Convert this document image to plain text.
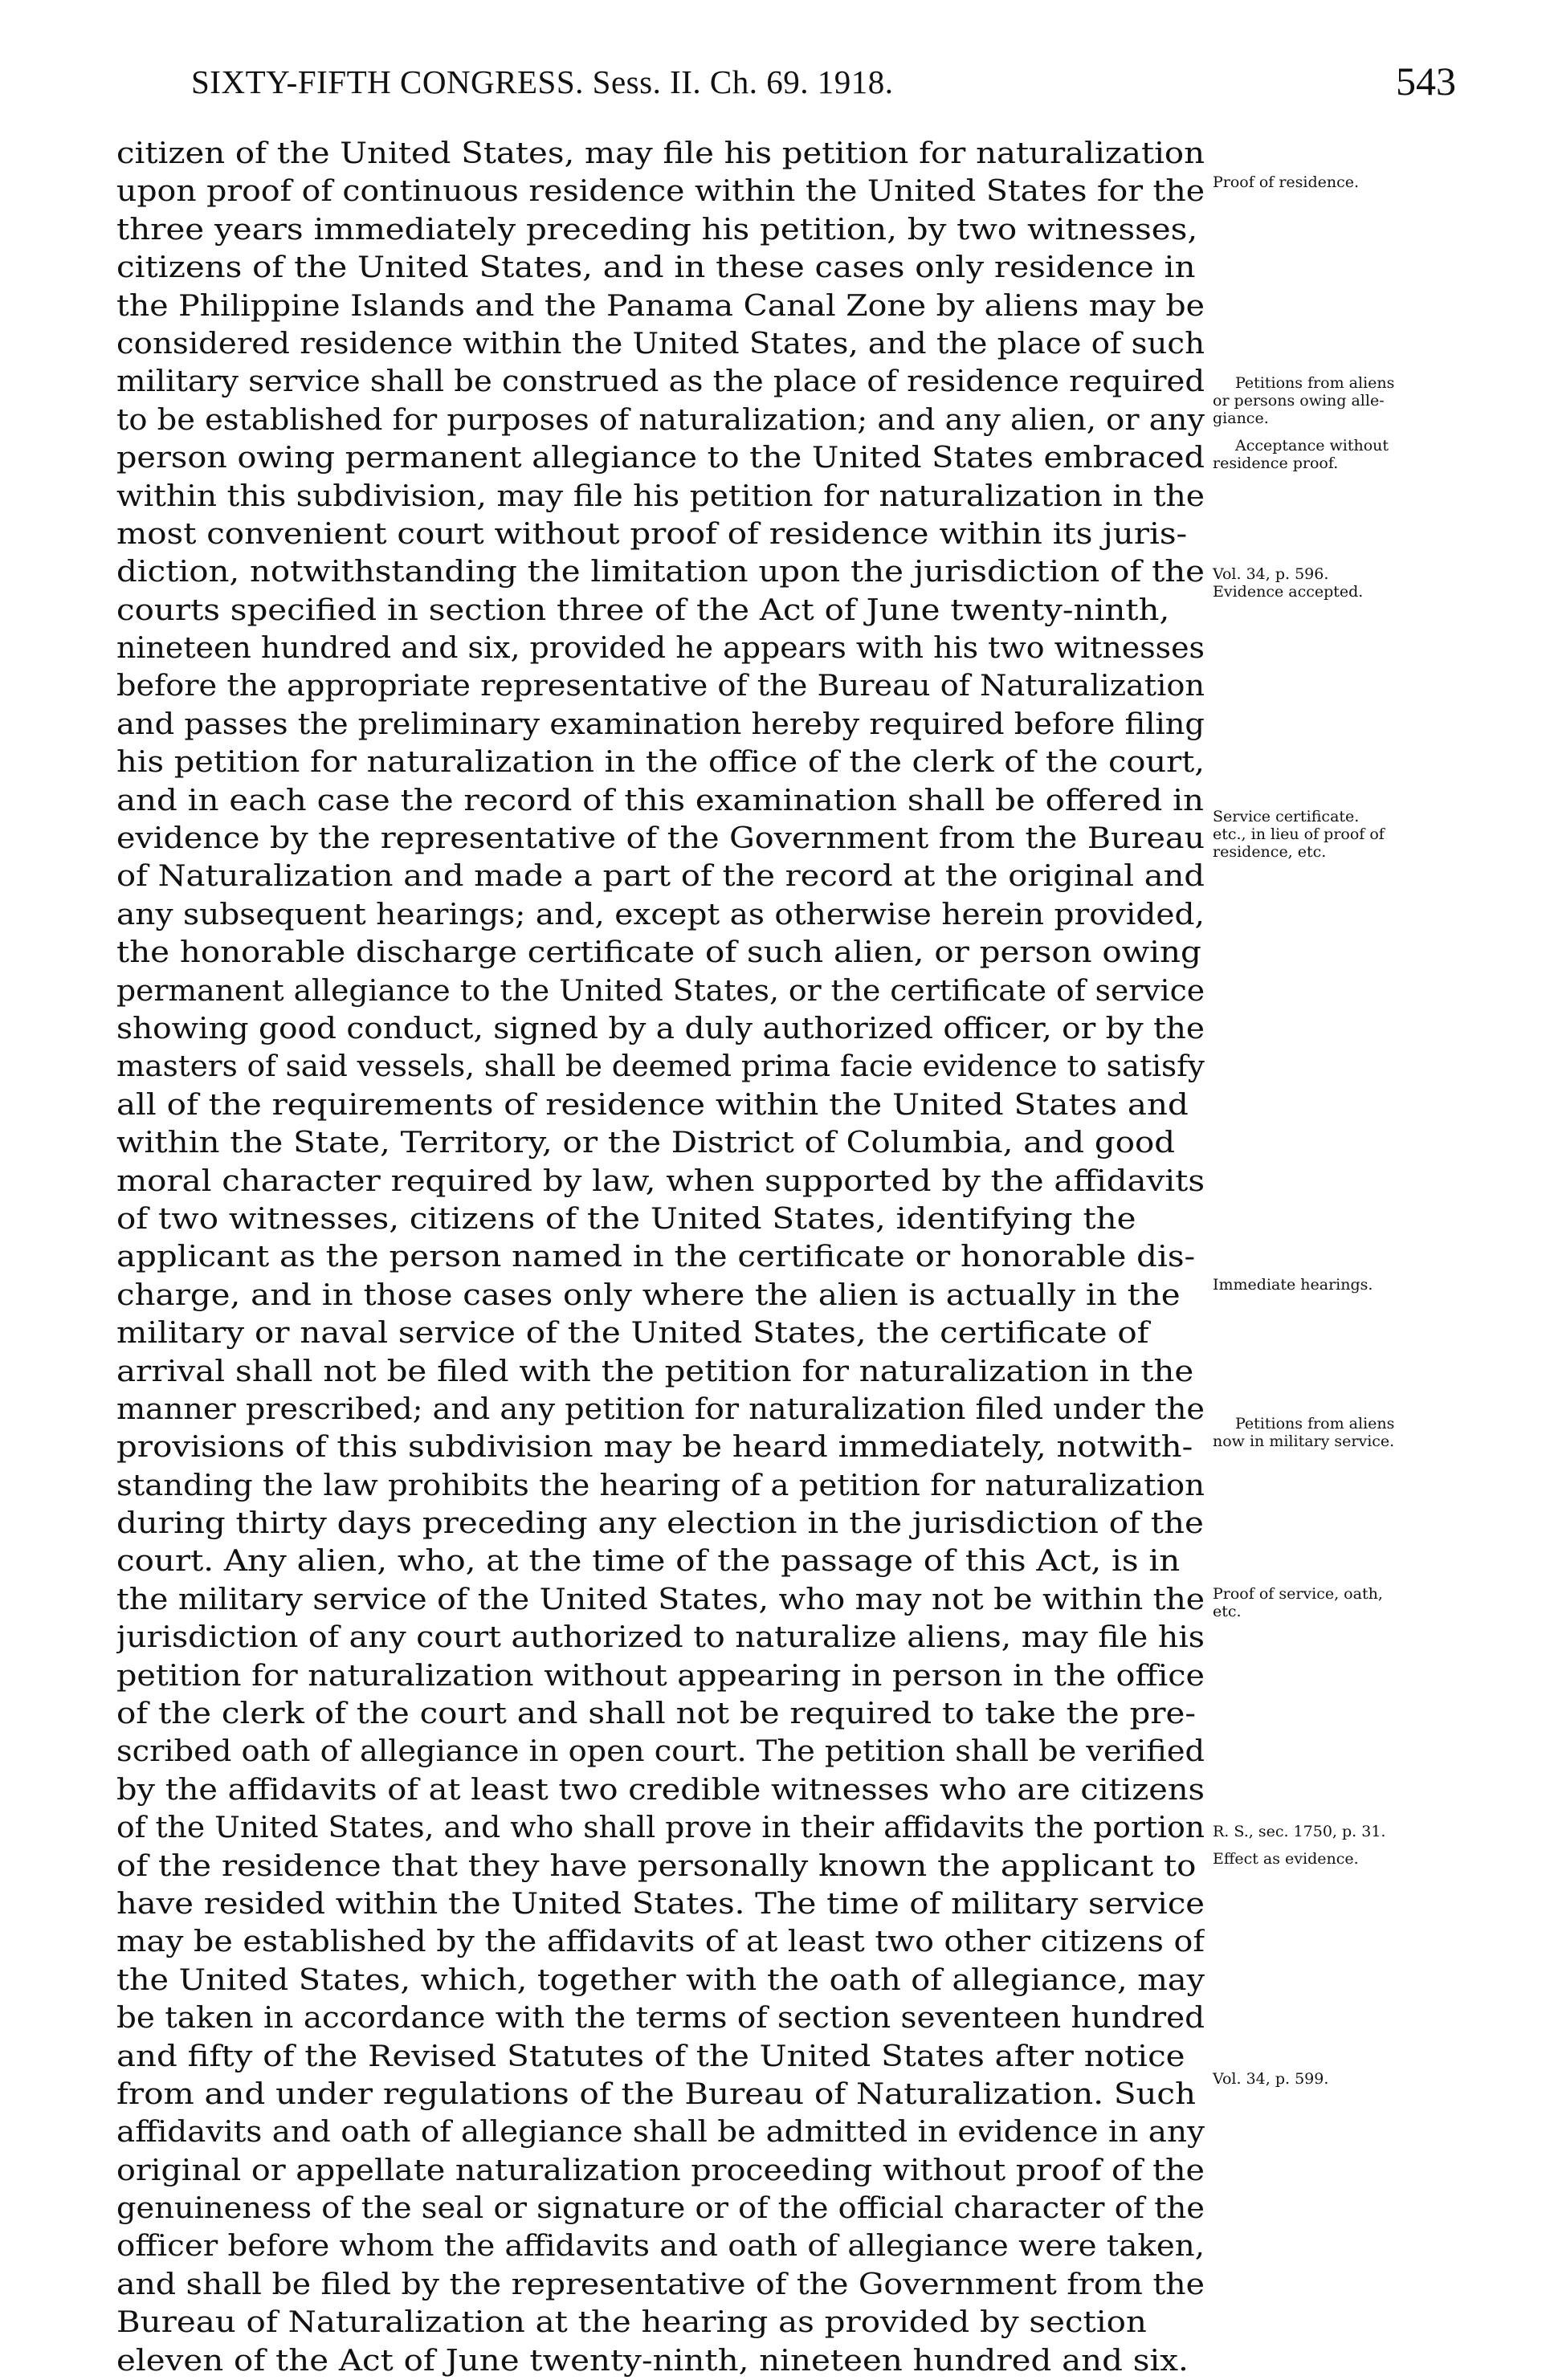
SIXTY-FIFTH CONGRESS. Sess. II. Ch. 69. 1918.	543
citizen of the United States, may file his petition for naturalization
upon proof of continuous residence within the United States for the
three years immediately preceding his petition, by two witnesses,
citizens of the United States, and in these cases only residence in
the Philippine Islands and the Panama Canal Zone by aliens may be
considered residence within the United States, and the place of such
military service shall be construed as the place of residence required
to be established for purposes of naturalization; and any alien, or any
person owing permanent allegiance to the United States embraced
within this subdivision, may file his petition for naturalization in the
most convenient court without proof of residence within its juris-
diction, notwithstanding the limitation upon the jurisdiction of the
courts specified in section three of the Act of June twenty-ninth,
nineteen hundred and six, provided he appears with his two witnesses
before the appropriate representative of the Bureau of Naturalization
and passes the preliminary examination hereby required before filing
his petition for naturalization in the office of the clerk of the court,
and in each case the record of this examination shall be offered in
evidence by the representative of the Government from the Bureau
of Naturalization and made a part of the record at the original and
any subsequent hearings; and, except as otherwise herein provided,
the honorable discharge certificate of such alien, or person owing
permanent allegiance to the United States, or the certificate of service
showing good conduct, signed by a duly authorized officer, or by the
masters of said vessels, shall be deemed prima facie evidence to satisfy
all of the requirements of residence within the United States and
within the State, Territory, or the District of Columbia, and good
moral character required by law, when supported by the affidavits
of two witnesses, citizens of the United States, identifying the
applicant as the person named in the certificate or honorable dis-
charge, and in those cases only where the alien is actually in the
military or naval service of the United States, the certificate of
arrival shall not be filed with the petition for naturalization in the
manner prescribed; and any petition for naturalization filed under the
provisions of this subdivision may be heard immediately, notwith-
standing the law prohibits the hearing of a petition for naturalization
during thirty days preceding any election in the jurisdiction of the
court. Any alien, who, at the time of the passage of this Act, is in
the military service of the United States, who may not be within the
jurisdiction of any court authorized to naturalize aliens, may file his
petition for naturalization without appearing in person in the office
of the clerk of the court and shall not be required to take the pre-
scribed oath of allegiance in open court. The petition shall be verified
by the affidavits of at least two credible witnesses who are citizens
of the United States, and who shall prove in their affidavits the portion
of the residence that they have personally known the applicant to
have resided within the United States. The time of military service
may be established by the affidavits of at least two other citizens of
the United States, which, together with the oath of allegiance, may
be taken in accordance with the terms of section seventeen hundred
and fifty of the Revised Statutes of the United States after notice
from and under regulations of the Bureau of Naturalization. Such
affidavits and oath of allegiance shall be admitted in evidence in any
original or appellate naturalization proceeding without proof of the
genuineness of the seal or signature or of the official character of the
officer before whom the affidavits and oath of allegiance were taken,
and shall be filed by the representative of the Government from the
Bureau of Naturalization at the hearing as provided by section
eleven of the Act of June twenty-ninth, nineteen hundred and six.
Proof of residence.
Petitions from aliens
or persons owing alle-
giance.
Acceptance without
residence proof.
Vol. 34, p. 596.
Evidence accepted.
Service certificate.
etc., in lieu of proof of
residence, etc.
Immediate hearings.
Petitions from aliens
now in military service.
Proof of service, oath,
etc.
R. S., sec. 1750, p. 31.
Effect as evidence.
Vol. 34, p. 599.
